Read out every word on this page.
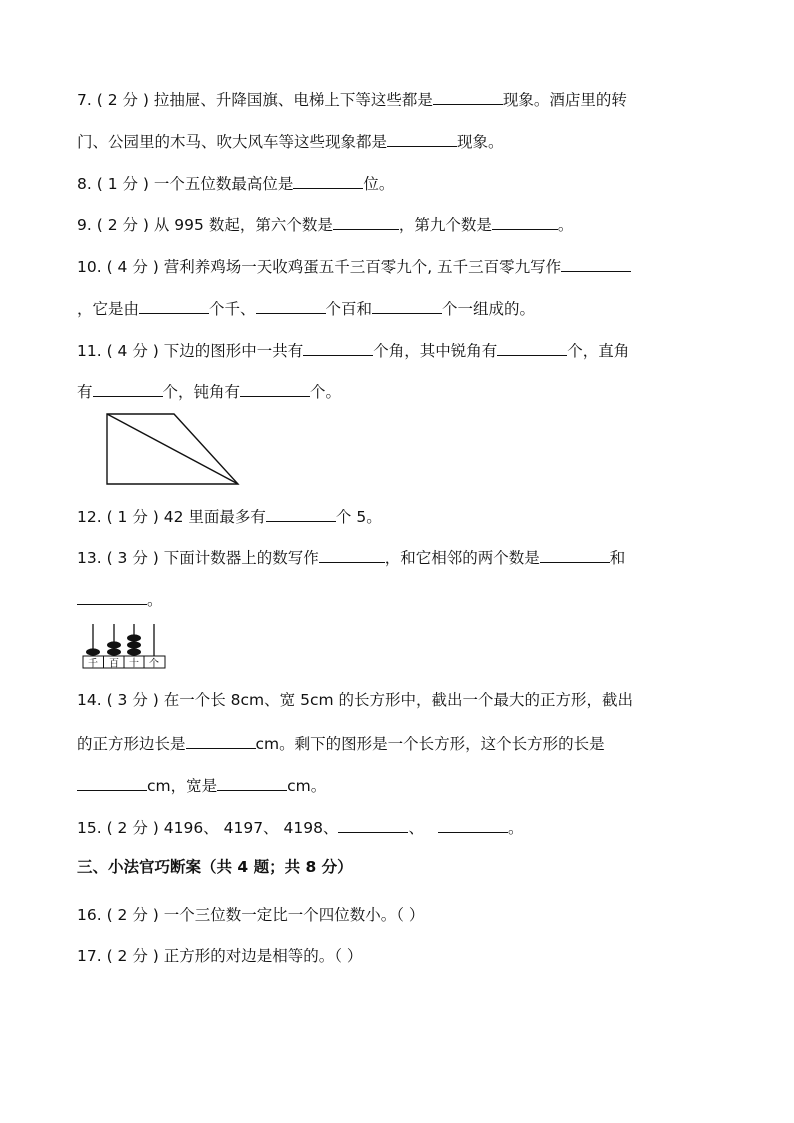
7. ( 2 分 ) 拉抽屉、升降国旗、电梯上下等这些都是	现象。酒店里的转
门、公园里的木马、吹大风车等这些现象都是	现象。
8. ( 1 分 ) 一个五位数最高位是	位。
9. ( 2 分 ) 从 995 数起，第六个数是	，第九个数是	。
10. ( 4 分 ) 营利养鸡场一天收鸡蛋五千三百零九个, 五千三百零九写作
，它是由	个千、	个百和	个一组成的。
11. ( 4 分 ) 下边的图形中一共有	个角，其中锐角有	个，直角
有	个，钝角有	个。
12. ( 1 分 ) 42 里面最多有	个 5。
13. ( 3 分 ) 下面计数器上的数写作	，和它相邻的两个数是	和
。
千 百 十 个
14. ( 3 分 ) 在一个长 8cm、宽 5cm 的长方形中，截出一个最大的正方形，截出
的正方形边长是	cm。剩下的图形是一个长方形，这个长方形的长是
cm，宽是	cm。
15. ( 2 分 ) 4196、 4197、 4198、	、	。
三、小法官巧断案（共 4 题；共 8 分）
16. ( 2 分 ) 一个三位数一定比一个四位数小。（ ）
17. ( 2 分 ) 正方形的对边是相等的。（ ）
